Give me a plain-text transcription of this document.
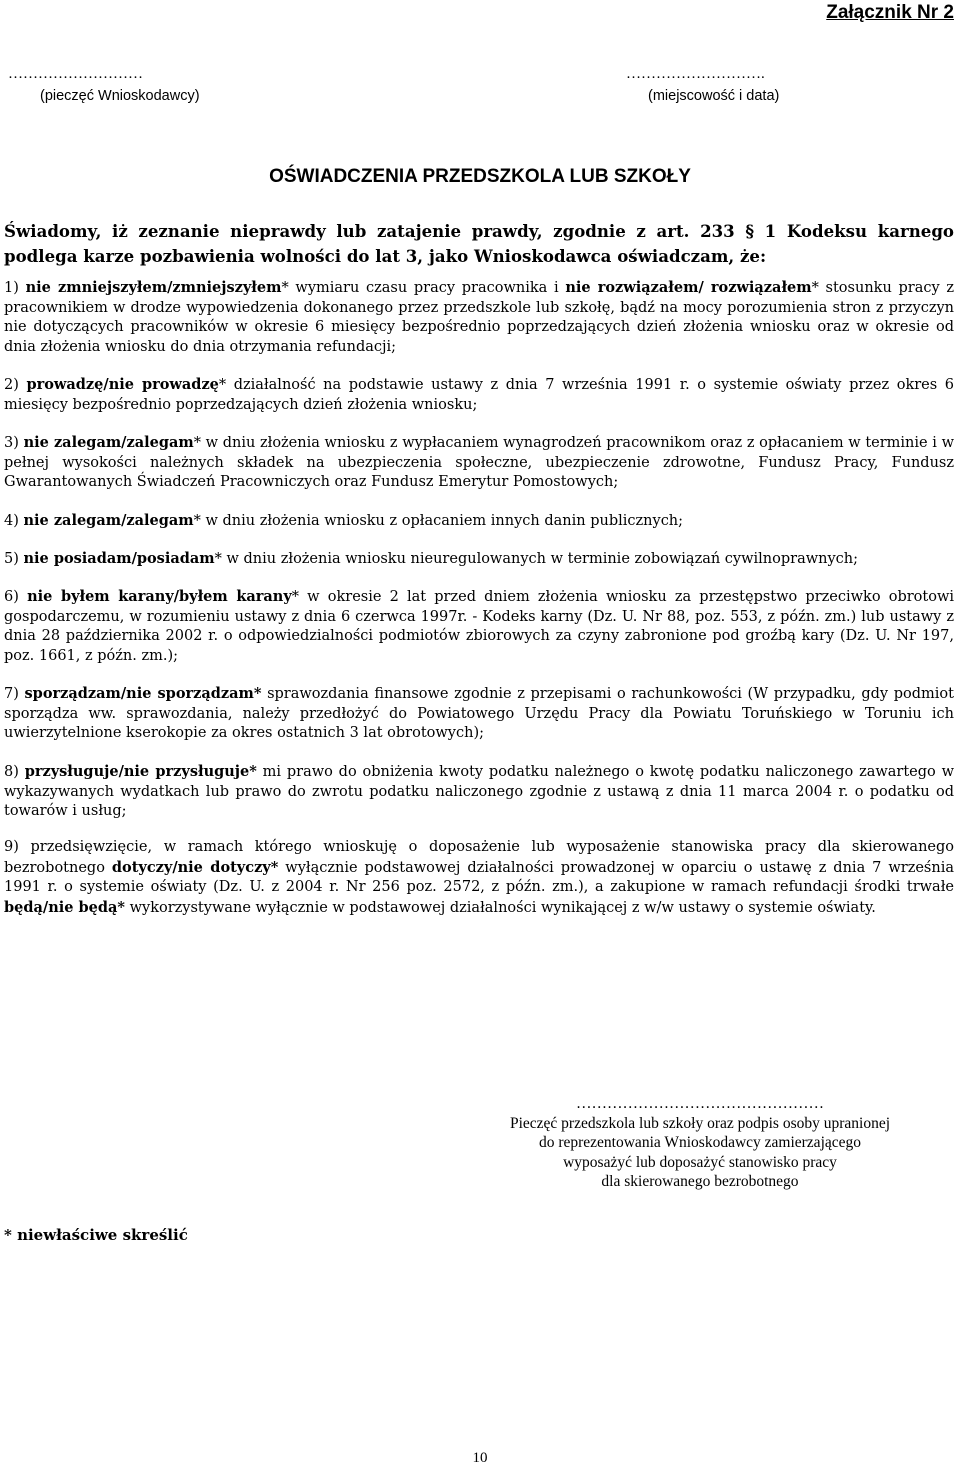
Załącznik Nr 2
………………………
(pieczęć Wnioskodawcy)
……………………….
(miejscowość i data)
OŚWIADCZENIA PRZEDSZKOLA LUB SZKOŁY
Świadomy, iż zeznanie nieprawdy lub zatajenie prawdy, zgodnie z art. 233 § 1 Kodeksu karnego podlega karze pozbawienia wolności do lat 3, jako Wnioskodawca oświadczam, że:
1) nie zmniejszyłem/zmniejszyłem* wymiaru czasu pracy pracownika i nie rozwiązałem/ rozwiązałem* stosunku pracy z pracownikiem w drodze wypowiedzenia dokonanego przez przedszkole lub szkołę, bądź na mocy porozumienia stron z przyczyn nie dotyczących pracowników w okresie 6 miesięcy bezpośrednio poprzedzających dzień złożenia wniosku oraz w okresie od dnia złożenia wniosku do dnia otrzymania refundacji;
2) prowadzę/nie prowadzę* działalność na podstawie ustawy z dnia 7 września 1991 r. o systemie oświaty przez okres 6 miesięcy bezpośrednio poprzedzających dzień złożenia wniosku;
3) nie zalegam/zalegam* w dniu złożenia wniosku z wypłacaniem wynagrodzeń pracownikom oraz z opłacaniem w terminie i w pełnej wysokości należnych składek na ubezpieczenia społeczne, ubezpieczenie zdrowotne, Fundusz Pracy, Fundusz Gwarantowanych Świadczeń Pracowniczych oraz Fundusz Emerytur Pomostowych;
4) nie zalegam/zalegam* w dniu złożenia wniosku z opłacaniem innych danin publicznych;
5) nie posiadam/posiadam* w dniu złożenia wniosku nieuregulowanych w terminie zobowiązań cywilnoprawnych;
6) nie byłem karany/byłem karany* w okresie 2 lat przed dniem złożenia wniosku za przestępstwo przeciwko obrotowi gospodarczemu, w rozumieniu ustawy z dnia 6 czerwca 1997r. - Kodeks karny (Dz. U. Nr 88, poz. 553, z późn. zm.) lub ustawy z dnia 28 października 2002 r. o odpowiedzialności podmiotów zbiorowych za czyny zabronione pod groźbą kary (Dz. U. Nr 197, poz. 1661, z późn. zm.);
7) sporządzam/nie sporządzam* sprawozdania finansowe zgodnie z przepisami o rachunkowości (W przypadku, gdy podmiot sporządza ww. sprawozdania, należy przedłożyć do Powiatowego Urzędu Pracy dla Powiatu Toruńskiego w Toruniu ich uwierzytelnione kserokopie za okres ostatnich 3 lat obrotowych);
8) przysługuje/nie przysługuje* mi prawo do obniżenia kwoty podatku należnego o kwotę podatku naliczonego zawartego w wykazywanych wydatkach lub prawo do zwrotu podatku naliczonego zgodnie z ustawą z dnia 11 marca 2004 r. o podatku od towarów i usług;
9) przedsięwzięcie, w ramach którego wnioskuję o doposażenie lub wyposażenie stanowiska pracy dla skierowanego bezrobotnego dotyczy/nie dotyczy* wyłącznie podstawowej działalności prowadzonej w oparciu o ustawę z dnia 7 września 1991 r. o systemie oświaty (Dz. U. z 2004 r. Nr 256 poz. 2572, z późn. zm.), a zakupione w ramach refundacji środki trwałe będą/nie będą* wykorzystywane wyłącznie w podstawowej działalności wynikającej z w/w ustawy o systemie oświaty.
…………………………………………
Pieczęć przedszkola lub szkoły oraz podpis osoby upranionej
do reprezentowania Wnioskodawcy zamierzającego
wyposażyć lub doposażyć stanowisko pracy
dla skierowanego bezrobotnego
* niewłaściwe skreślić
10
